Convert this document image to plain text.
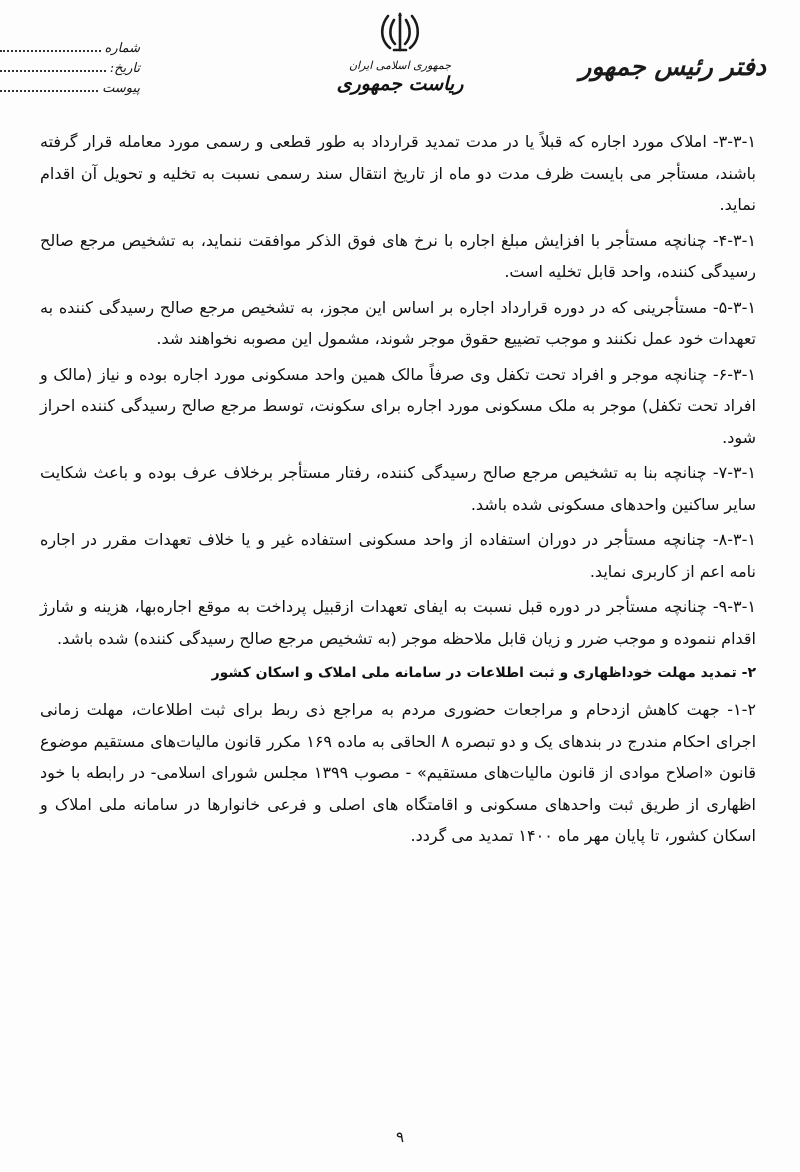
دفتر رئیس جمهور
جمهوری اسلامی ایران
ریاست جمهوری
شماره
تاریخ:
پیوست

۳-۳-۱- املاک مورد اجاره که قبلاً یا در مدت تمدید قرارداد به طور قطعی و رسمی مورد معامله قرار گرفته باشند، مستأجر می بایست ظرف مدت دو ماه از تاریخ انتقال سند رسمی نسبت به تخلیه و تحویل آن اقدام نماید.

۴-۳-۱- چنانچه مستأجر با افزایش مبلغ اجاره با نرخ های فوق الذکر موافقت ننماید، به تشخیص مرجع صالح رسیدگی کننده، واحد قابل تخلیه است.

۵-۳-۱- مستأجرینی که در دوره قرارداد اجاره بر اساس این مجوز، به تشخیص مرجع صالح رسیدگی کننده به تعهدات خود عمل نکنند و موجب تضییع حقوق موجر شوند، مشمول این مصوبه نخواهند شد.

۶-۳-۱- چنانچه موجر و افراد تحت تکفل وی صرفاً مالک همین واحد مسکونی مورد اجاره بوده و نیاز (مالک و افراد تحت تکفل) موجر به ملک مسکونی مورد اجاره برای سکونت، توسط مرجع صالح رسیدگی کننده احراز شود.

۷-۳-۱- چنانچه بنا به تشخیص مرجع صالح رسیدگی کننده، رفتار مستأجر برخلاف عرف بوده و باعث شکایت سایر ساکنین واحدهای مسکونی شده باشد.

۸-۳-۱- چنانچه مستأجر در دوران استفاده از واحد مسکونی استفاده غیر و یا خلاف تعهدات مقرر در اجاره نامه اعم از کاربری نماید.

۹-۳-۱- چنانچه مستأجر در دوره قبل نسبت به ایفای تعهدات ازقبیل پرداخت به موقع اجاره‌بها، هزینه و شارژ اقدام ننموده و موجب ضرر و زیان قابل ملاحظه موجر (به تشخیص مرجع صالح رسیدگی کننده) شده باشد.

۲- تمدید مهلت خوداظهاری و ثبت اطلاعات در سامانه ملی املاک و اسکان کشور

۱-۲- جهت کاهش ازدحام و مراجعات حضوری مردم به مراجع ذی ربط برای ثبت اطلاعات، مهلت زمانی اجرای احکام مندرج در بندهای یک و دو تبصره ۸ الحاقی به ماده ۱۶۹ مکرر قانون مالیات‌های مستقیم موضوع قانون «اصلاح موادی از قانون مالیات‌های مستقیم» - مصوب ۱۳۹۹ مجلس شورای اسلامی- در رابطه با خود اظهاری از طریق ثبت واحدهای مسکونی و اقامتگاه های اصلی و فرعی خانوارها در سامانه ملی املاک و اسکان کشور، تا پایان مهر ماه ۱۴۰۰ تمدید می گردد.

۹
